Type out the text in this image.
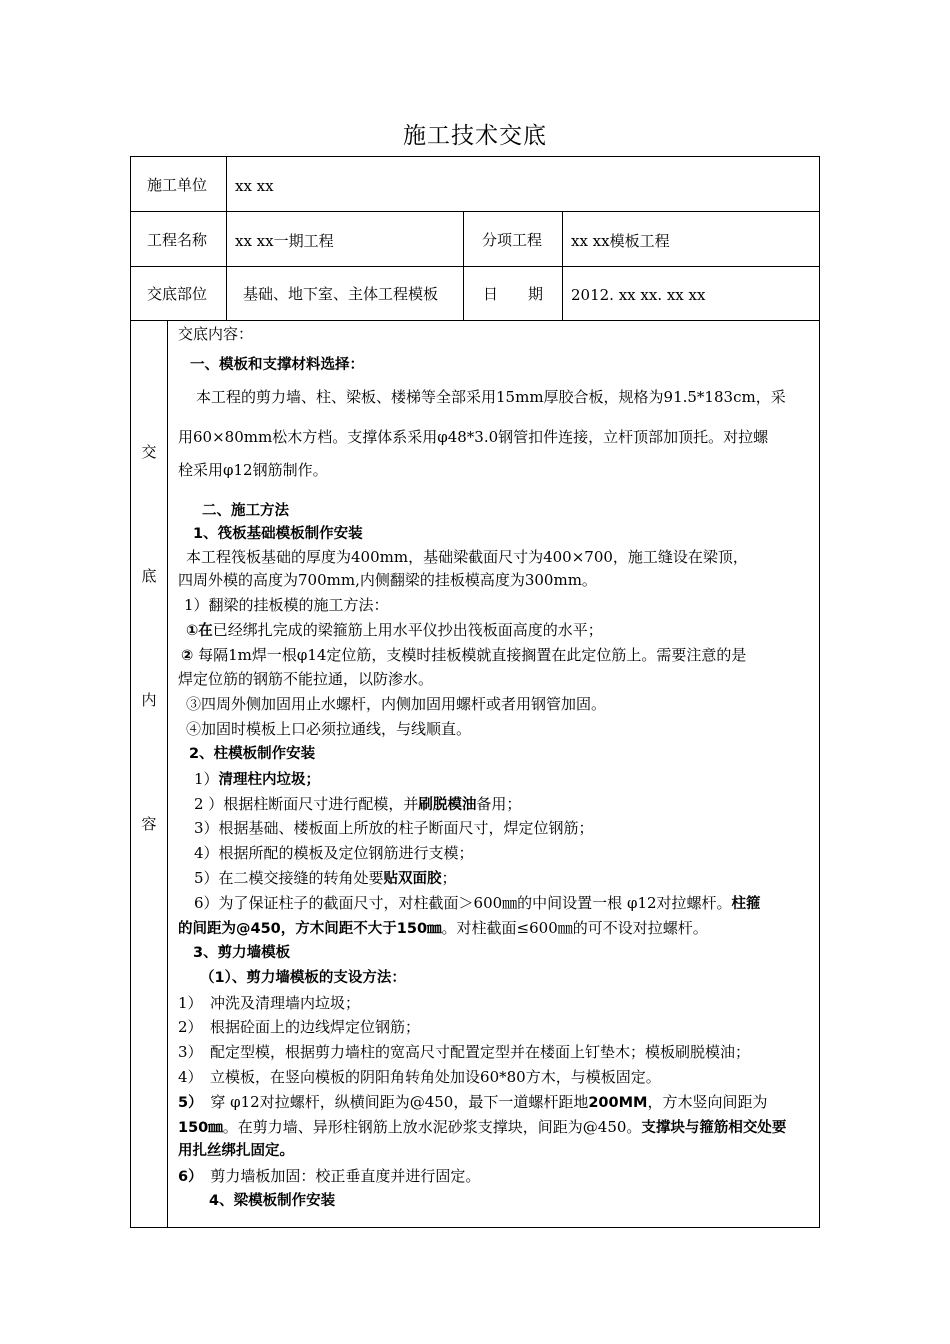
施工技术交底
施工单位 xx xx
工程名称 xx xx一期工程	分项工程 xx xx模板工程
交底部位 基础、地下室、主体工程模板	日　　期 2012. xx xx. xx xx
交
底
内
容
交底内容：
一、模板和支撑材料选择：
本工程的剪力墙、柱、梁板、楼梯等全部采用15mm厚胶合板，规格为91.5*183cm，采
用60×80mm松木方档。支撑体系采用φ48*3.0钢管扣件连接，立杆顶部加顶托。对拉螺
栓采用φ12钢筋制作。
二、施工方法
1、筏板基础模板制作安装
本工程筏板基础的厚度为400mm，基础梁截面尺寸为400×700，施工缝设在梁顶，
四周外模的高度为700mm,内侧翻梁的挂板模高度为300mm。
1）翻梁的挂板模的施工方法：
①在已经绑扎完成的梁箍筋上用水平仪抄出筏板面高度的水平；
② 每隔1m焊一根φ14定位筋，支模时挂板模就直接搁置在此定位筋上。需要注意的是
焊定位筋的钢筋不能拉通，以防渗水。
③四周外侧加固用止水螺杆，内侧加固用螺杆或者用钢管加固。
④加固时模板上口必须拉通线，与线顺直。
2、柱模板制作安装
1）清理柱内垃圾；
2 ）根据柱断面尺寸进行配模，并刷脱模油备用；
3）根据基础、楼板面上所放的柱子断面尺寸，焊定位钢筋；
4）根据所配的模板及定位钢筋进行支模；
5）在二模交接缝的转角处要贴双面胶；
6）为了保证柱子的截面尺寸，对柱截面＞600㎜的中间设置一根 φ12对拉螺杆。柱箍
的间距为@450，方木间距不大于150㎜。对柱截面≤600㎜的可不设对拉螺杆。
3、剪力墙模板
（1）、剪力墙模板的支设方法：
1）　冲洗及清理墙内垃圾；
2）　根据砼面上的边线焊定位钢筋；
3）　配定型模，根据剪力墙柱的宽高尺寸配置定型并在楼面上钉垫木；模板刷脱模油；
4）　立模板，在竖向模板的阴阳角转角处加设60*80方木，与模板固定。
5）　穿 φ12对拉螺杆，纵横间距为@450，最下一道螺杆距地200MM，方木竖向间距为
150㎜。在剪力墙、异形柱钢筋上放水泥砂浆支撑块，间距为@450。支撑块与箍筋相交处要
用扎丝绑扎固定。
6）　剪力墙板加固：校正垂直度并进行固定。
4、梁模板制作安装
